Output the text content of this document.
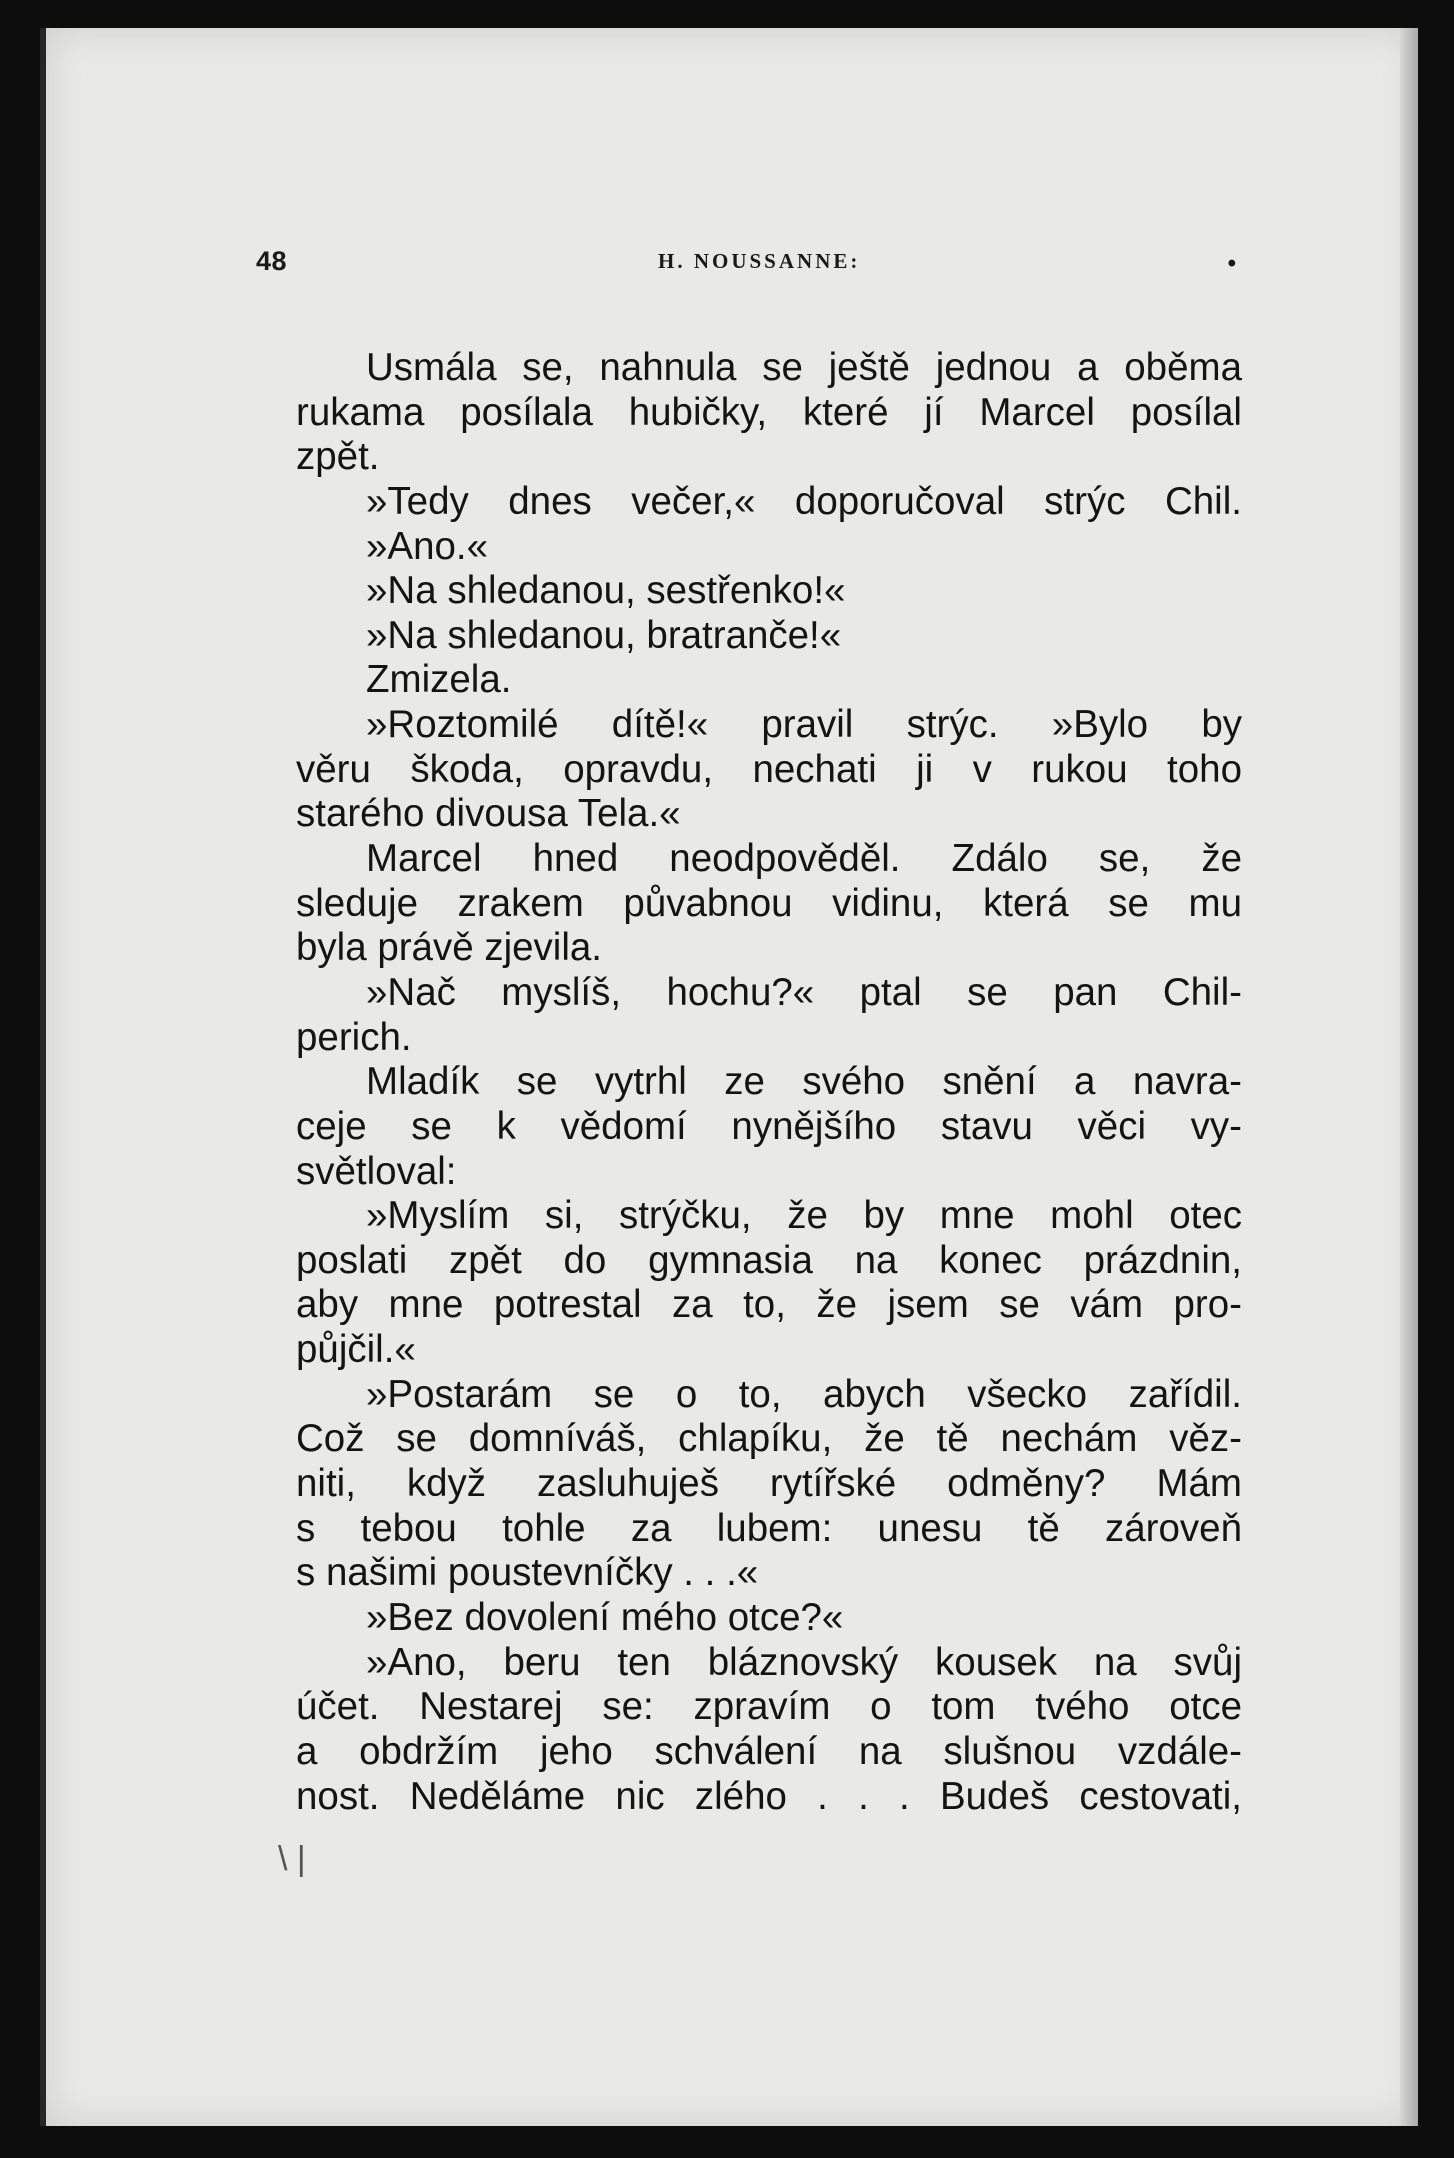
48	H. NOUSSANNE:	•
Usmála se, nahnula se ještě jednou a oběma
rukama posílala hubičky, které jí Marcel posílal
zpět.
»Tedy dnes večer,« doporučoval strýc Chil.
»Ano.«
»Na shledanou, sestřenko!«
»Na shledanou, bratranče!«
Zmizela.
»Roztomilé dítě!« pravil strýc. »Bylo by
věru škoda, opravdu, nechati ji v rukou toho
starého divousa Tela.«
Marcel hned neodpověděl. Zdálo se, že
sleduje zrakem půvabnou vidinu, která se mu
byla právě zjevila.
»Nač myslíš, hochu?« ptal se pan Chil-
perich.
Mladík se vytrhl ze svého snění a navra-
ceje se k vědomí nynějšího stavu věci vy-
světloval:
»Myslím si, strýčku, že by mne mohl otec
poslati zpět do gymnasia na konec prázdnin,
aby mne potrestal za to, že jsem se vám pro-
půjčil.«
»Postarám se o to, abych všecko zařídil.
Což se domníváš, chlapíku, že tě nechám věz-
niti, když zasluhuješ rytířské odměny? Mám
s tebou tohle za lubem: unesu tě zároveň
s našimi poustevníčky . . .«
»Bez dovolení mého otce?«
»Ano, beru ten bláznovský kousek na svůj
účet. Nestarej se: zpravím o tom tvého otce
a obdržím jeho schválení na slušnou vzdále-
nost. Neděláme nic zlého . . . Budeš cestovati,
\ |
